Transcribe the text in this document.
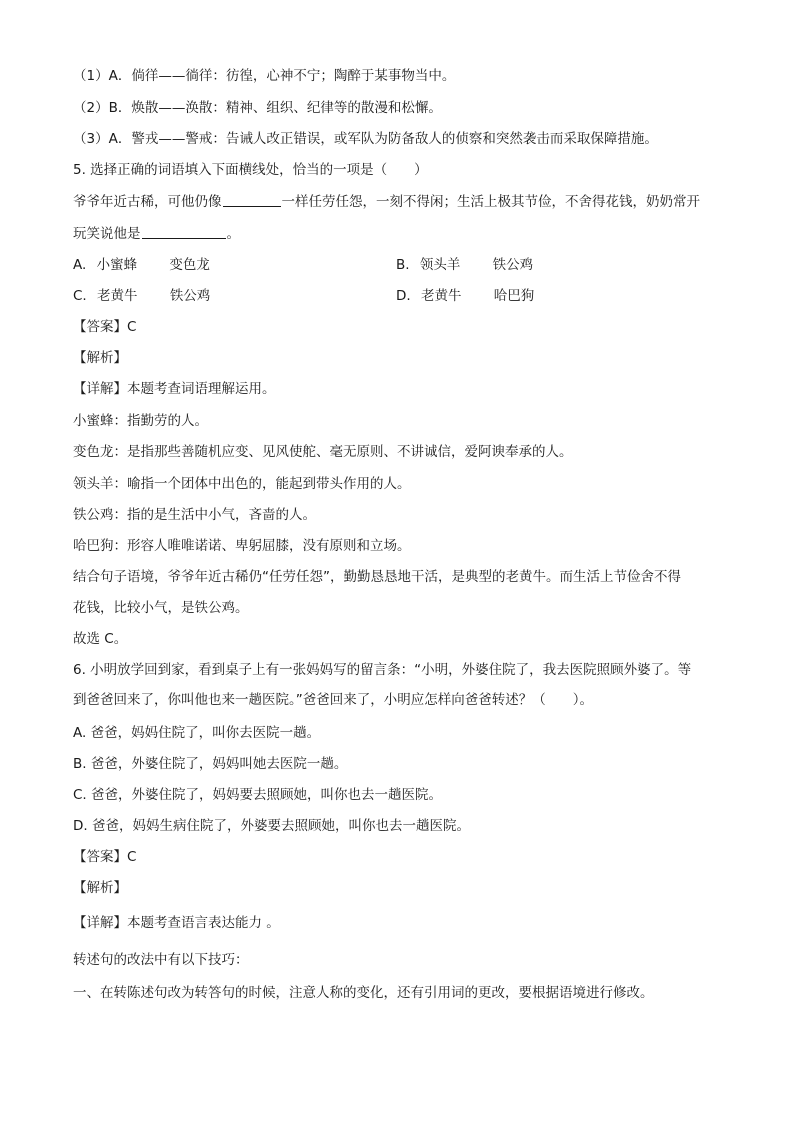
（1）A．倘徉——徜徉：彷徨，心神不宁；陶醉于某事物当中。
（2）B．焕散——涣散：精神、组织、纪律等的散漫和松懈。
（3）A．警戎——警戒：告诫人改正错误，或军队为防备敌人的侦察和突然袭击而采取保障措施。
5. 选择正确的词语填入下面横线处，恰当的一项是（　　）
爷爷年近古稀，可他仍像	一样任劳任怨，一刻不得闲；生活上极其节俭，不舍得花钱，奶奶常开
玩笑说他是	。
A. 小蜜蜂 变色龙	B. 领头羊 铁公鸡
C. 老黄牛 铁公鸡	D. 老黄牛 哈巴狗
【答案】C
【解析】
【详解】本题考查词语理解运用。
小蜜蜂：指勤劳的人。
变色龙：是指那些善随机应变、见风使舵、毫无原则、不讲诚信，爱阿谀奉承的人。
领头羊：喻指一个团体中出色的，能起到带头作用的人。
铁公鸡：指的是生活中小气，吝啬的人。
哈巴狗：形容人唯唯诺诺、卑躬屈膝，没有原则和立场。
结合句子语境，爷爷年近古稀仍“任劳任怨”，勤勤恳恳地干活，是典型的老黄牛。而生活上节俭舍不得
花钱，比较小气，是铁公鸡。
故选 C。
6. 小明放学回到家，看到桌子上有一张妈妈写的留言条：“小明，外婆住院了，我去医院照顾外婆了。等
到爸爸回来了，你叫他也来一趟医院。”爸爸回来了，小明应怎样向爸爸转述？（　　）。
A. 爸爸，妈妈住院了，叫你去医院一趟。
B. 爸爸，外婆住院了，妈妈叫她去医院一趟。
C. 爸爸，外婆住院了，妈妈要去照顾她，叫你也去一趟医院。
D. 爸爸，妈妈生病住院了，外婆要去照顾她，叫你也去一趟医院。
【答案】C
【解析】
【详解】本题考查语言表达能力 。
转述句的改法中有以下技巧：
一、在转陈述句改为转答句的时候，注意人称的变化，还有引用词的更改，要根据语境进行修改。
